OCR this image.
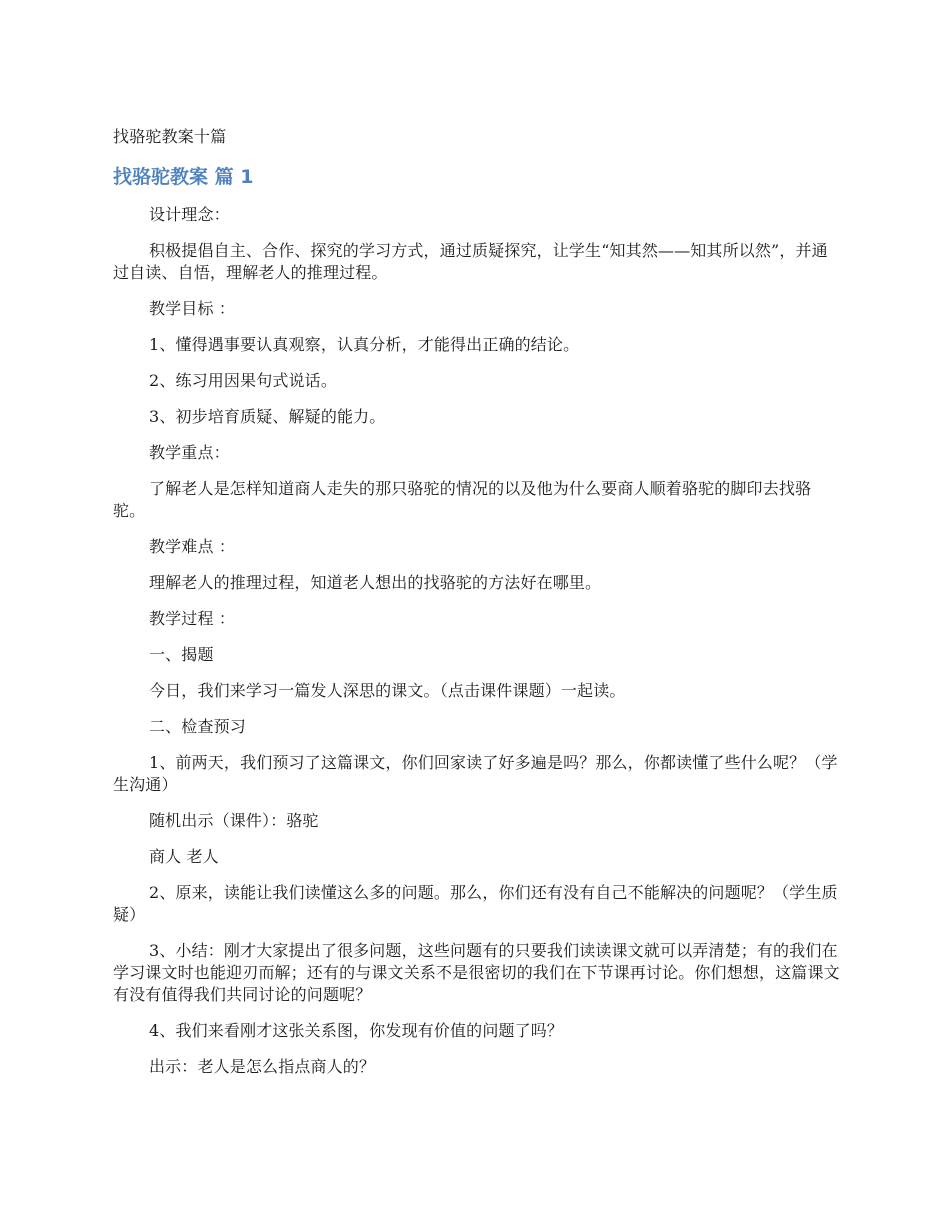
找骆驼教案十篇
找骆驼教案 篇 1

设计理念：

积极提倡自主、合作、探究的学习方式，通过质疑探究，让学生“知其然——知其所以然”，并通过自读、自悟，理解老人的推理过程。

教学目标 ：

1、懂得遇事要认真观察，认真分析，才能得出正确的结论。

2、练习用因果句式说话。

3、初步培育质疑、解疑的能力。

教学重点：

了解老人是怎样知道商人走失的那只骆驼的情况的以及他为什么要商人顺着骆驼的脚印去找骆驼。

教学难点 ：

理解老人的推理过程，知道老人想出的找骆驼的方法好在哪里。

教学过程 ：

一、揭题

今日，我们来学习一篇发人深思的课文。（点击课件课题）一起读。

二、检查预习

1、前两天，我们预习了这篇课文，你们回家读了好多遍是吗？那么，你都读懂了些什么呢？（学生沟通）

随机出示（课件）：骆驼

商人 老人

2、原来，读能让我们读懂这么多的问题。那么，你们还有没有自己不能解决的问题呢？（学生质疑）

3、小结：刚才大家提出了很多问题，这些问题有的只要我们读读课文就可以弄清楚；有的我们在学习课文时也能迎刃而解；还有的与课文关系不是很密切的我们在下节课再讨论。你们想想，这篇课文有没有值得我们共同讨论的问题呢？

4、我们来看刚才这张关系图，你发现有价值的问题了吗？

出示：老人是怎么指点商人的？
